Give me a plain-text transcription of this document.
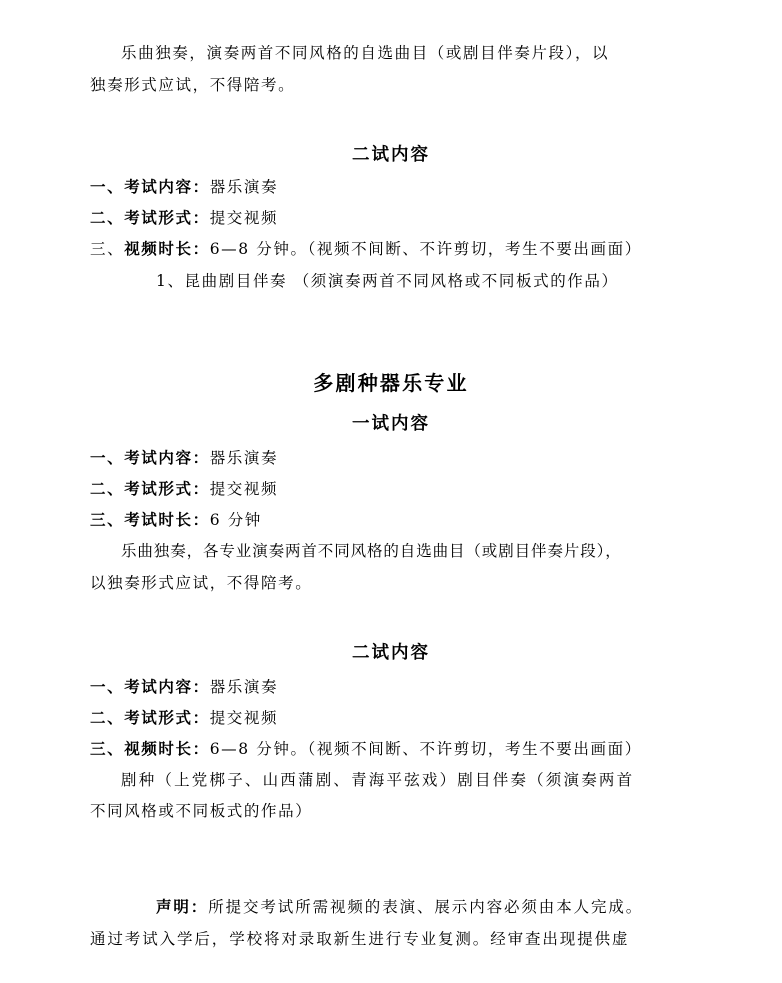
乐曲独奏，演奏两首不同风格的自选曲目（或剧目伴奏片段），以
独奏形式应试，不得陪考。
二试内容
一、考试内容：器乐演奏
二、考试形式：提交视频
三、视频时长：6—8 分钟。（视频不间断、不许剪切，考生不要出画面）
1、昆曲剧目伴奏 （须演奏两首不同风格或不同板式的作品）
多剧种器乐专业
一试内容
一、考试内容：器乐演奏
二、考试形式：提交视频
三、考试时长：6 分钟
乐曲独奏，各专业演奏两首不同风格的自选曲目（或剧目伴奏片段），
以独奏形式应试，不得陪考。
二试内容
一、考试内容：器乐演奏
二、考试形式：提交视频
三、视频时长：6—8 分钟。（视频不间断、不许剪切，考生不要出画面）
剧种（上党梆子、山西蒲剧、青海平弦戏）剧目伴奏（须演奏两首
不同风格或不同板式的作品）
声明：所提交考试所需视频的表演、展示内容必须由本人完成。
通过考试入学后，学校将对录取新生进行专业复测。经审查出现提供虚
